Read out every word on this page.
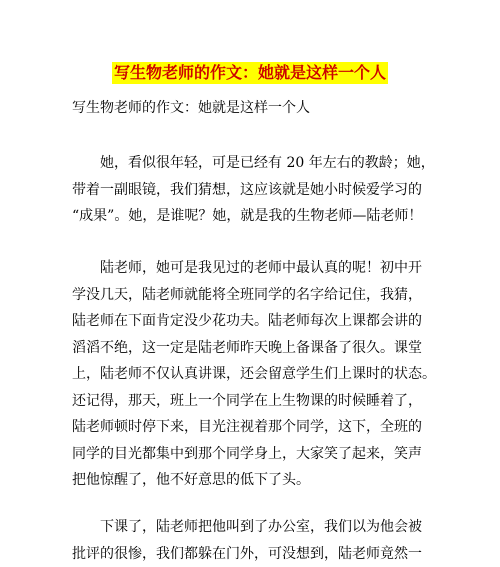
写生物老师的作文：她就是这样一个人
写生物老师的作文：她就是这样一个人
她，看似很年轻，可是已经有 20 年左右的教龄；她，
带着一副眼镜，我们猜想，这应该就是她小时候爱学习的
“成果”。她，是谁呢？她，就是我的生物老师—陆老师！
陆老师，她可是我见过的老师中最认真的呢！初中开
学没几天，陆老师就能将全班同学的名字给记住，我猜，
陆老师在下面肯定没少花功夫。陆老师每次上课都会讲的
滔滔不绝，这一定是陆老师昨天晚上备课备了很久。课堂
上，陆老师不仅认真讲课，还会留意学生们上课时的状态。
还记得，那天，班上一个同学在上生物课的时候睡着了，
陆老师顿时停下来，目光注视着那个同学，这下，全班的
同学的目光都集中到那个同学身上，大家笑了起来，笑声
把他惊醒了，他不好意思的低下了头。
下课了，陆老师把他叫到了办公室，我们以为他会被
批评的很惨，我们都躲在门外，可没想到，陆老师竟然一
